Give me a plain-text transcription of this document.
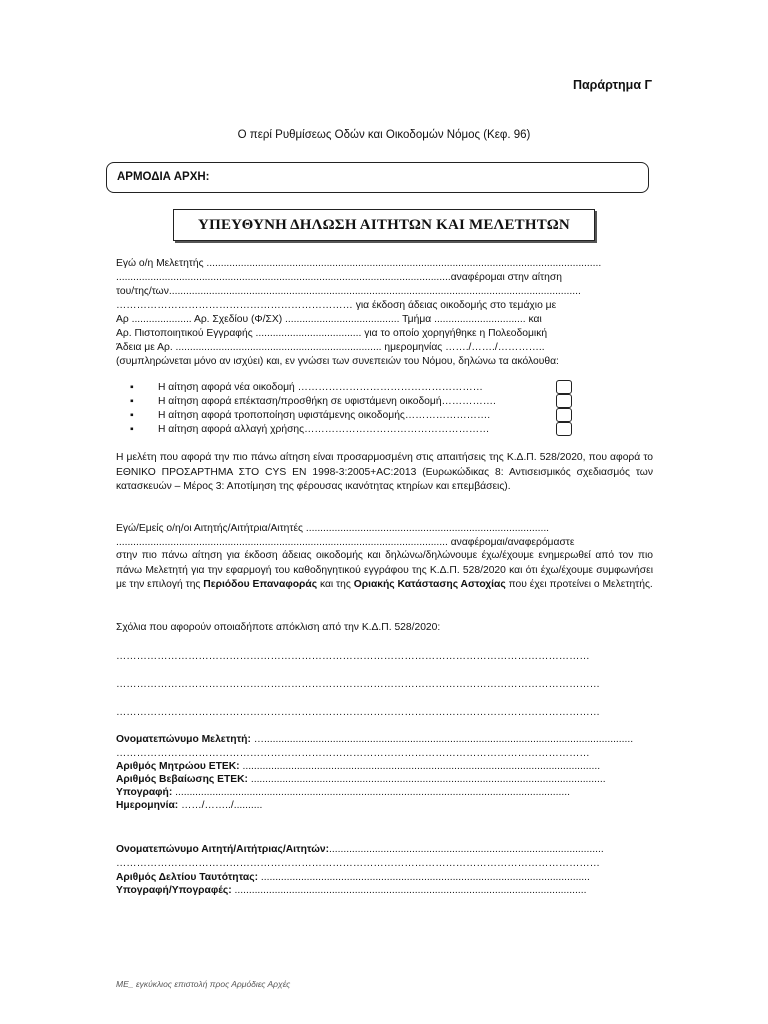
Παράρτημα Γ
Ο περί Ρυθμίσεως Οδών και Οικοδομών Νόμος (Κεφ. 96)
ΑΡΜΟΔΙΑ ΑΡΧΗ:
ΥΠΕΥΘΥΝΗ ΔΗΛΩΣΗ ΑΙΤΗΤΩΝ ΚΑΙ ΜΕΛΕΤΗΤΩΝ
Εγώ ο/η Μελετητής ..........................................................................................................................................
.....................................................................................................................αναφέρομαι στην αίτηση
του/της/των................................................................................................................................................
…………………………………………………………… για έκδοση άδειας οικοδομής στο τεμάχιο με
Αρ ..................... Αρ. Σχεδίου (Φ/ΣΧ) ........................................ Τμήμα ................................ και
Αρ. Πιστοποιητικού Εγγραφής ..................................... για το οποίο χορηγήθηκε η Πολεοδομική
Άδεια με Αρ. ........................................................................ ημερομηνίας ……./……./…………..
(συμπληρώνεται μόνο αν ισχύει) και, εν γνώσει των συνεπειών του Νόμου, δηλώνω τα ακόλουθα:
▪ Η αίτηση αφορά νέα οικοδομή ………………………………………………
▪ Η αίτηση αφορά επέκταση/προσθήκη σε υφιστάμενη οικοδομή…………….
▪ Η αίτηση αφορά τροποποίηση υφιστάμενης οικοδομής…………………….
▪ Η αίτηση αφορά αλλαγή χρήσης………………………………………………
Η μελέτη που αφορά την πιο πάνω αίτηση είναι προσαρμοσμένη στις απαιτήσεις της Κ.Δ.Π. 528/2020, που αφορά το ΕΘΝΙΚΟ ΠΡΟΣΑΡΤΗΜΑ ΣΤΟ CYS EN 1998-3:2005+AC:2013 (Ευρωκώδικας 8: Αντισεισμικός σχεδιασμός των κατασκευών – Μέρος 3: Αποτίμηση της φέρουσας ικανότητας κτηρίων και επεμβάσεις).
Εγώ/Εμείς ο/η/οι Αιτητής/Αιτήτρια/Αιτητές .....................................................................................
.................................................................................................................... αναφέρομαι/αναφερόμαστε
στην πιο πάνω αίτηση για έκδοση άδειας οικοδομής και δηλώνω/δηλώνουμε έχω/έχουμε ενημερωθεί από τον πιο πάνω Μελετητή για την εφαρμογή του καθοδηγητικού εγγράφου της Κ.Δ.Π. 528/2020 και ότι έχω/έχουμε συμφωνήσει με την επιλογή της Περιόδου Επαναφοράς και της Οριακής Κατάστασης Αστοχίας που έχει προτείνει ο Μελετητής.
Σχόλια που αφορούν οποιαδήποτε απόκλιση από την Κ.Δ.Π. 528/2020:
…………………………………………………………………………………………………………………………
……………………………………………………………………………………………………………………………
……………………………………………………………………………………………………………………………
Ονοματεπώνυμο Μελετητή: ….................................................................................................................................
…………………………………………………………………………………………………………………………
Αριθμός Μητρώου ΕΤΕΚ: .............................................................................................................................
Αριθμός Βεβαίωσης ΕΤΕΚ: ............................................................................................................................
Υπογραφή: ..........................................................................................................................................
Ημερομηνία: ……/……../..........
Ονοματεπώνυμο Αιτητή/Αιτήτριας/Αιτητών:................................................................................................
……………………………………………………………………………………………………………………………
Αριθμός Δελτίου Ταυτότητας: ...................................................................................................................
Υπογραφή/Υπογραφές: ...........................................................................................................................
ΜΕ_ εγκύκλιος επιστολή προς Αρμόδιες Αρχές
